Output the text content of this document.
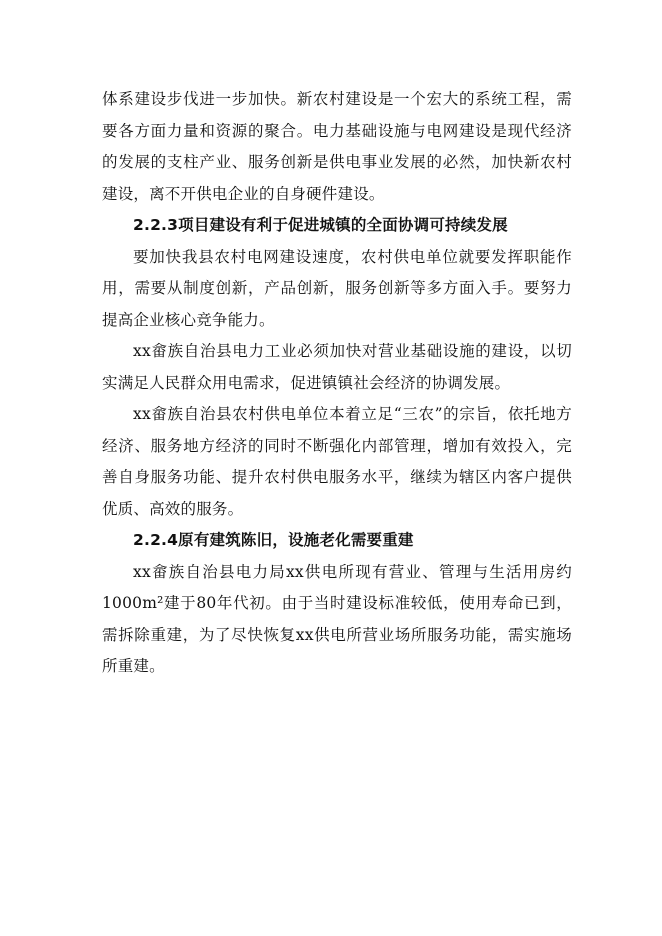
体系建设步伐进一步加快。新农村建设是一个宏大的系统工程，需要各方面力量和资源的聚合。电力基础设施与电网建设是现代经济的发展的支柱产业、服务创新是供电事业发展的必然，加快新农村建设，离不开供电企业的自身硬件建设。

2.2.3项目建设有利于促进城镇的全面协调可持续发展

要加快我县农村电网建设速度，农村供电单位就要发挥职能作用，需要从制度创新，产品创新，服务创新等多方面入手。要努力提高企业核心竞争能力。

xx畲族自治县电力工业必须加快对营业基础设施的建设，以切实满足人民群众用电需求，促进镇镇社会经济的协调发展。

xx畲族自治县农村供电单位本着立足“三农”的宗旨，依托地方经济、服务地方经济的同时不断强化内部管理，增加有效投入，完善自身服务功能、提升农村供电服务水平，继续为辖区内客户提供优质、高效的服务。

2.2.4原有建筑陈旧，设施老化需要重建

xx畲族自治县电力局xx供电所现有营业、管理与生活用房约1000m²建于80年代初。由于当时建设标准较低，使用寿命已到，需拆除重建，为了尽快恢复xx供电所营业场所服务功能，需实施场所重建。
